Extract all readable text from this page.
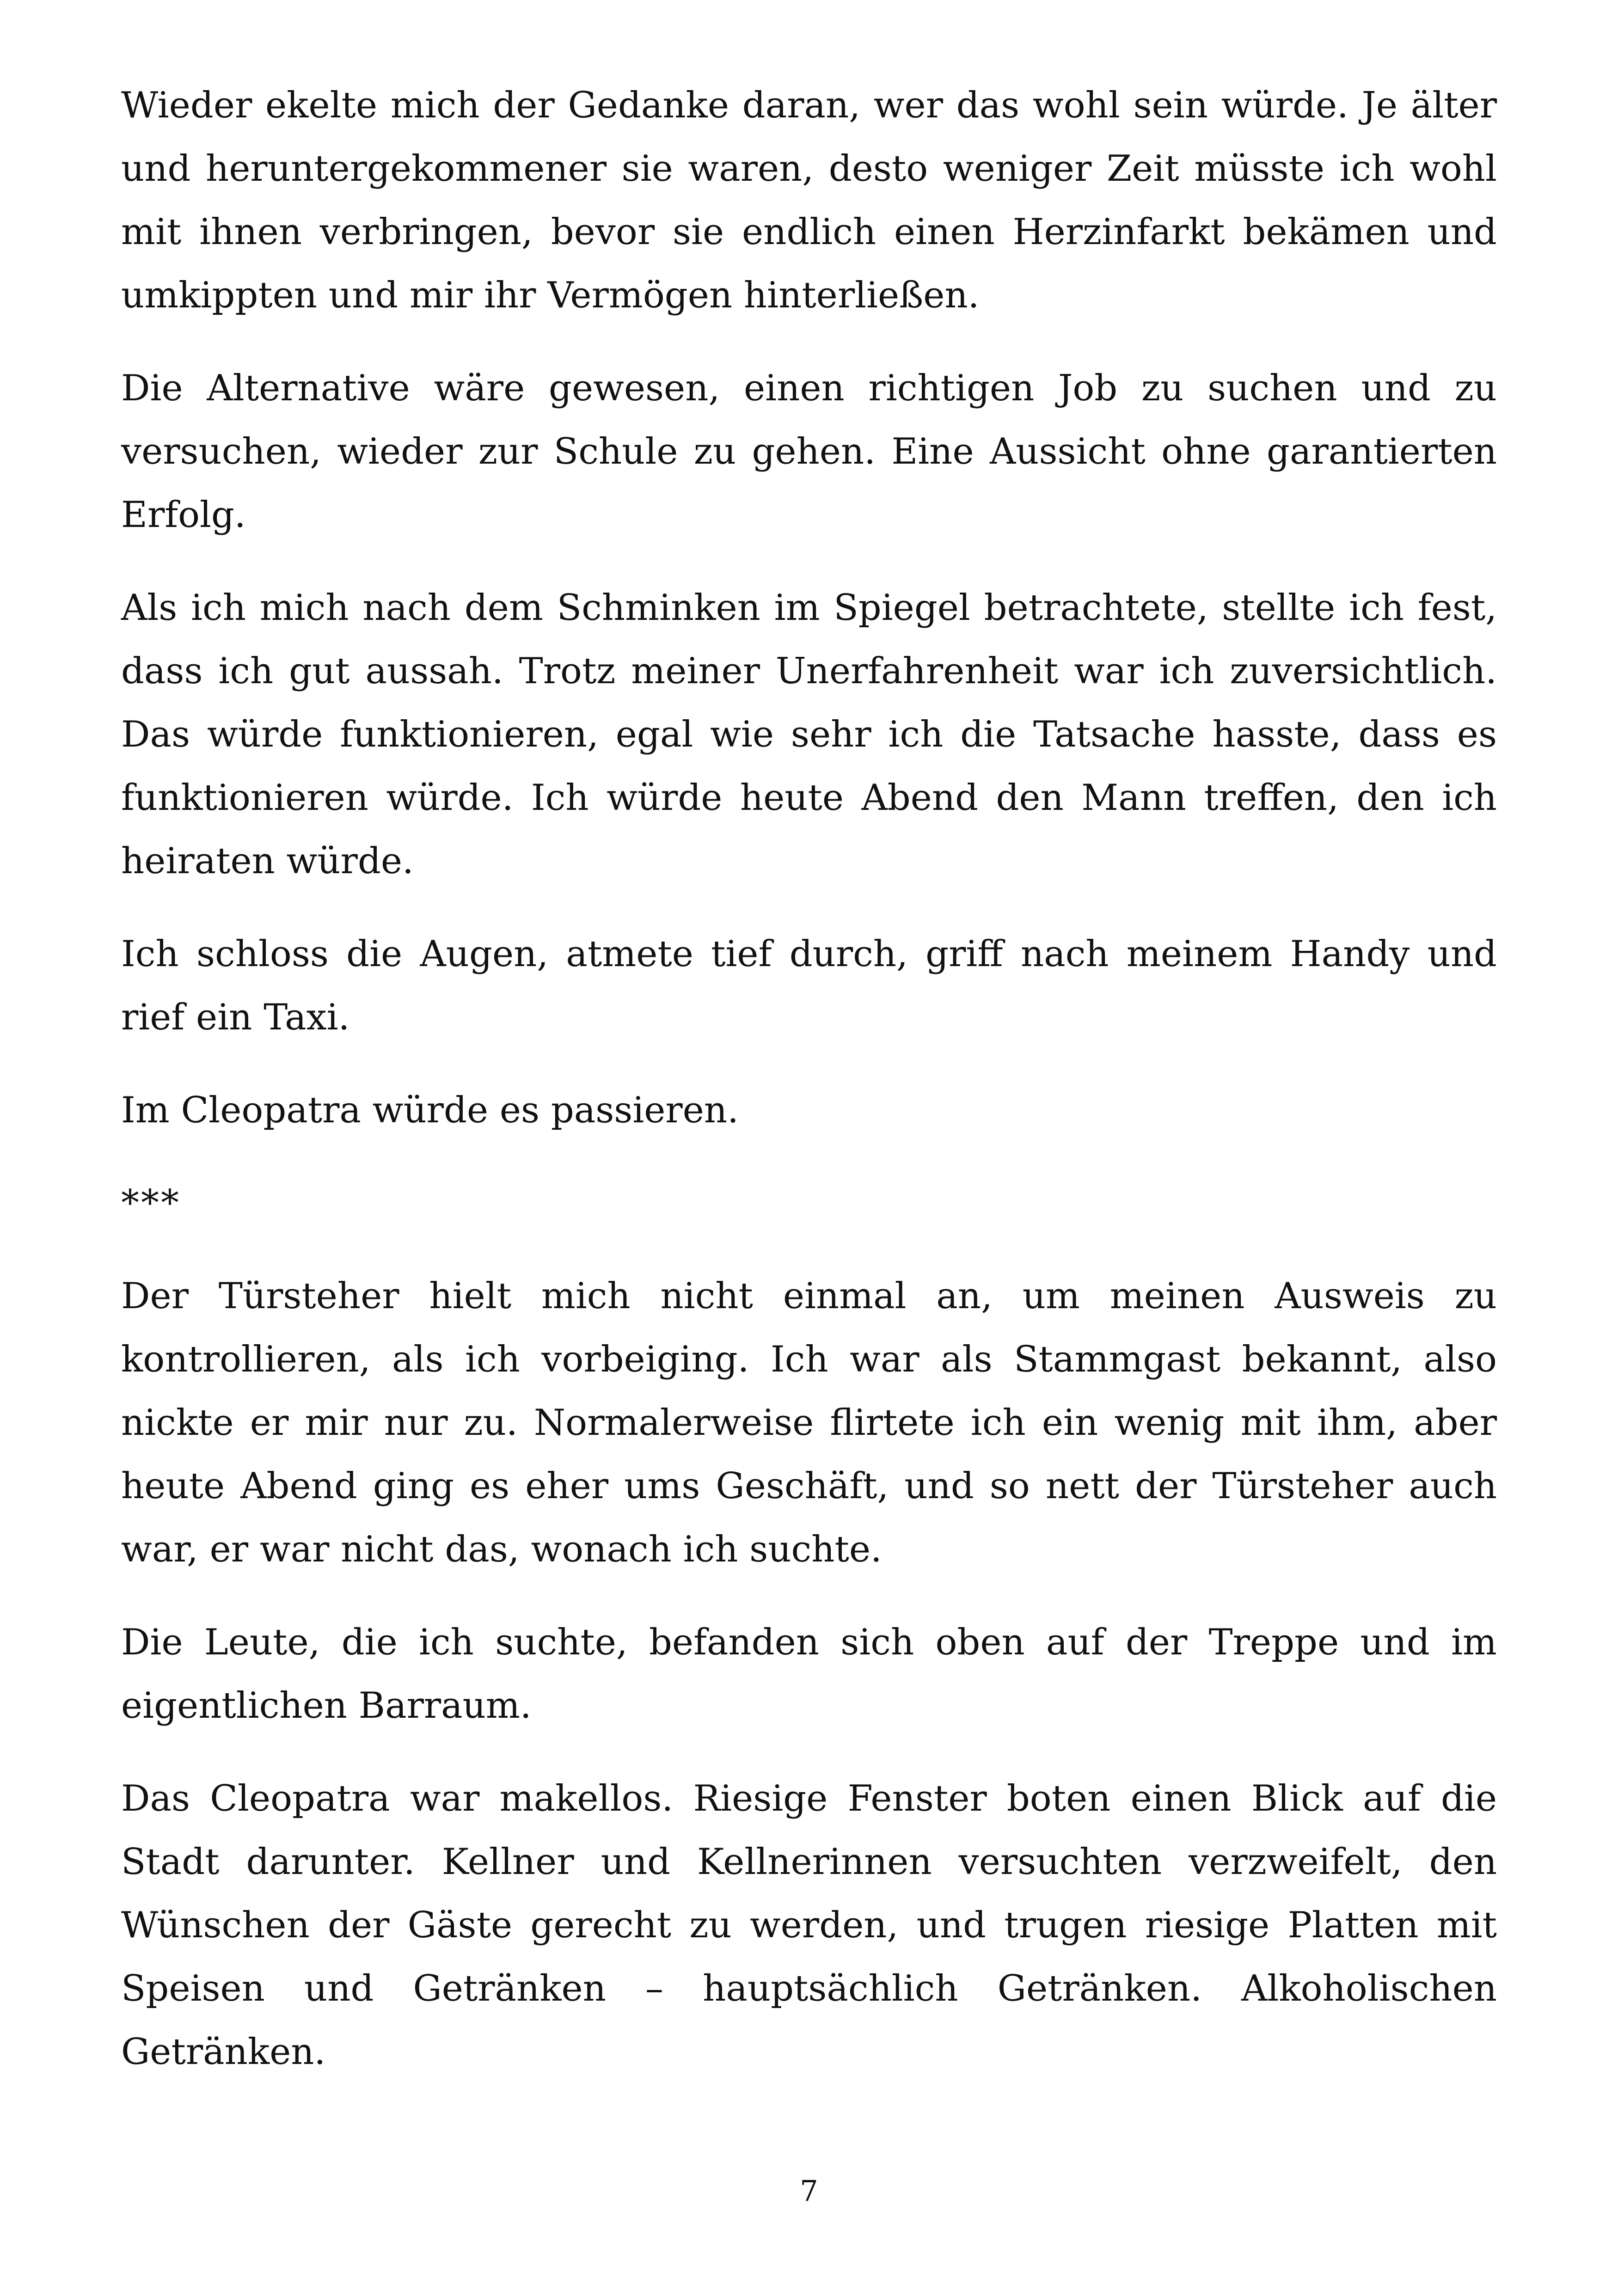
Wieder ekelte mich der Gedanke daran, wer das wohl sein würde. Je älter und heruntergekommener sie waren, desto weniger Zeit müsste ich wohl mit ihnen verbringen, bevor sie endlich einen Herzinfarkt bekämen und umkippten und mir ihr Vermögen hinterließen.

Die Alternative wäre gewesen, einen richtigen Job zu suchen und zu versuchen, wieder zur Schule zu gehen. Eine Aussicht ohne garantierten Erfolg.

Als ich mich nach dem Schminken im Spiegel betrachtete, stellte ich fest, dass ich gut aussah. Trotz meiner Unerfahrenheit war ich zuversichtlich. Das würde funktionieren, egal wie sehr ich die Tatsache hasste, dass es funktionieren würde. Ich würde heute Abend den Mann treffen, den ich heiraten würde.

Ich schloss die Augen, atmete tief durch, griff nach meinem Handy und rief ein Taxi.

Im Cleopatra würde es passieren.

***

Der Türsteher hielt mich nicht einmal an, um meinen Ausweis zu kontrollieren, als ich vorbeiging. Ich war als Stammgast bekannt, also nickte er mir nur zu. Normalerweise flirtete ich ein wenig mit ihm, aber heute Abend ging es eher ums Geschäft, und so nett der Türsteher auch war, er war nicht das, wonach ich suchte.

Die Leute, die ich suchte, befanden sich oben auf der Treppe und im eigentlichen Barraum.

Das Cleopatra war makellos. Riesige Fenster boten einen Blick auf die Stadt darunter. Kellner und Kellnerinnen versuchten verzweifelt, den Wünschen der Gäste gerecht zu werden, und trugen riesige Platten mit Speisen und Getränken – hauptsächlich Getränken. Alkoholischen Getränken.

7
